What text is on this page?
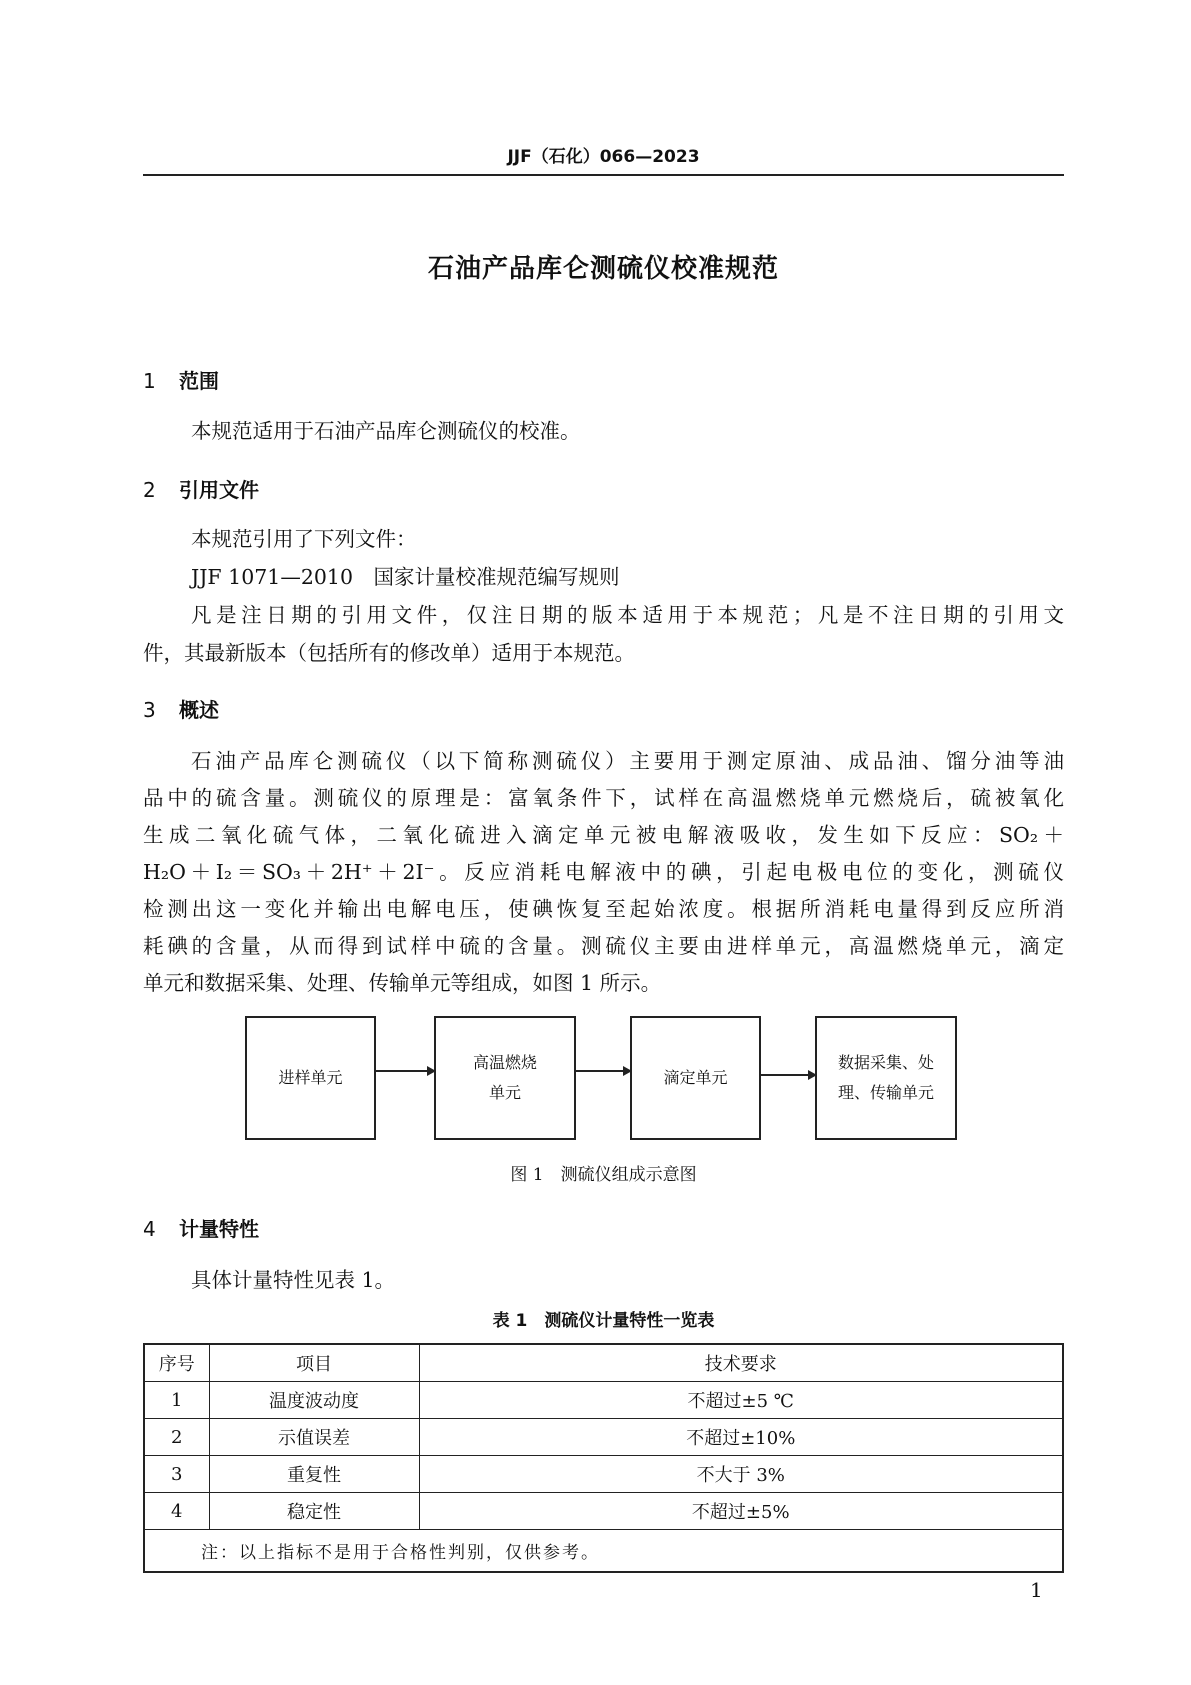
JJF（石化）066—2023
石油产品库仑测硫仪校准规范
1 范围
本规范适用于石油产品库仑测硫仪的校准。
2 引用文件
本规范引用了下列文件：
JJF 1071—2010　国家计量校准规范编写规则
凡是注日期的引用文件，仅注日期的版本适用于本规范；凡是不注日期的引用文
件，其最新版本（包括所有的修改单）适用于本规范。
3 概述
石油产品库仑测硫仪（以下简称测硫仪）主要用于测定原油、成品油、馏分油等油
品中的硫含量。测硫仪的原理是：富氧条件下，试样在高温燃烧单元燃烧后，硫被氧化
生成二氧化硫气体，二氧化硫进入滴定单元被电解液吸收，发生如下反应：SO₂＋
H₂O＋I₂＝SO₃＋2H⁺＋2I⁻。反应消耗电解液中的碘，引起电极电位的变化，测硫仪
检测出这一变化并输出电解电压，使碘恢复至起始浓度。根据所消耗电量得到反应所消
耗碘的含量，从而得到试样中硫的含量。测硫仪主要由进样单元，高温燃烧单元，滴定
单元和数据采集、处理、传输单元等组成，如图 1 所示。
进样单元
高温燃烧
单元
滴定单元
数据采集、处
理、传输单元
图 1　测硫仪组成示意图
4 计量特性
具体计量特性见表 1。
表 1　测硫仪计量特性一览表
序号	项目	技术要求
1	温度波动度	不超过±5 ℃
2	示值误差	不超过±10%
3	重复性	不大于 3%
4	稳定性	不超过±5%
注：以上指标不是用于合格性判别，仅供参考。		
1
